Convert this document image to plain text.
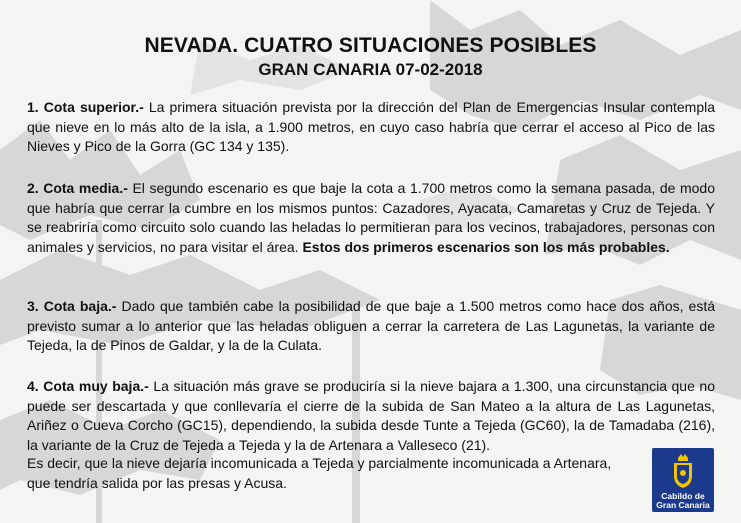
NEVADA. CUATRO SITUACIONES POSIBLES
GRAN CANARIA 07-02-2018

1. Cota superior.- La primera situación prevista por la dirección del Plan de Emergencias Insular contempla que nieve en lo más alto de la isla, a 1.900 metros, en cuyo caso habría que cerrar el acceso al Pico de las Nieves y Pico de la Gorra (GC 134 y 135).

2. Cota media.- El segundo escenario es que baje la cota a 1.700 metros como la semana pasada, de modo que habría que cerrar la cumbre en los mismos puntos: Cazadores, Ayacata, Camaretas y Cruz de Tejeda. Y se reabriría como circuito solo cuando las heladas lo permitieran para los vecinos, trabajadores, personas con animales y servicios, no para visitar el área. Estos dos primeros escenarios son los más probables.

3. Cota baja.- Dado que también cabe la posibilidad de que baje a 1.500 metros como hace dos años, está previsto sumar a lo anterior que las heladas obliguen a cerrar la carretera de Las Lagunetas, la variante de Tejeda, la de Pinos de Galdar, y la de la Culata.

4. Cota muy baja.- La situación más grave se produciría si la nieve bajara a 1.300, una circunstancia que no puede ser descartada y que conllevaría el cierre de la subida de San Mateo a la altura de Las Lagunetas, Ariñez o Cueva Corcho (GC15), dependiendo, la subida desde Tunte a Tejeda (GC60), la de Tamadaba (216), la variante de la Cruz de Tejeda a Tejeda y la de Artenara a Valleseco (21).

Es decir, que la nieve dejaría incomunicada a Tejeda y parcialmente incomunicada a Artenara, que tendría salida por las presas y Acusa.

Cabildo de
Gran Canaria
